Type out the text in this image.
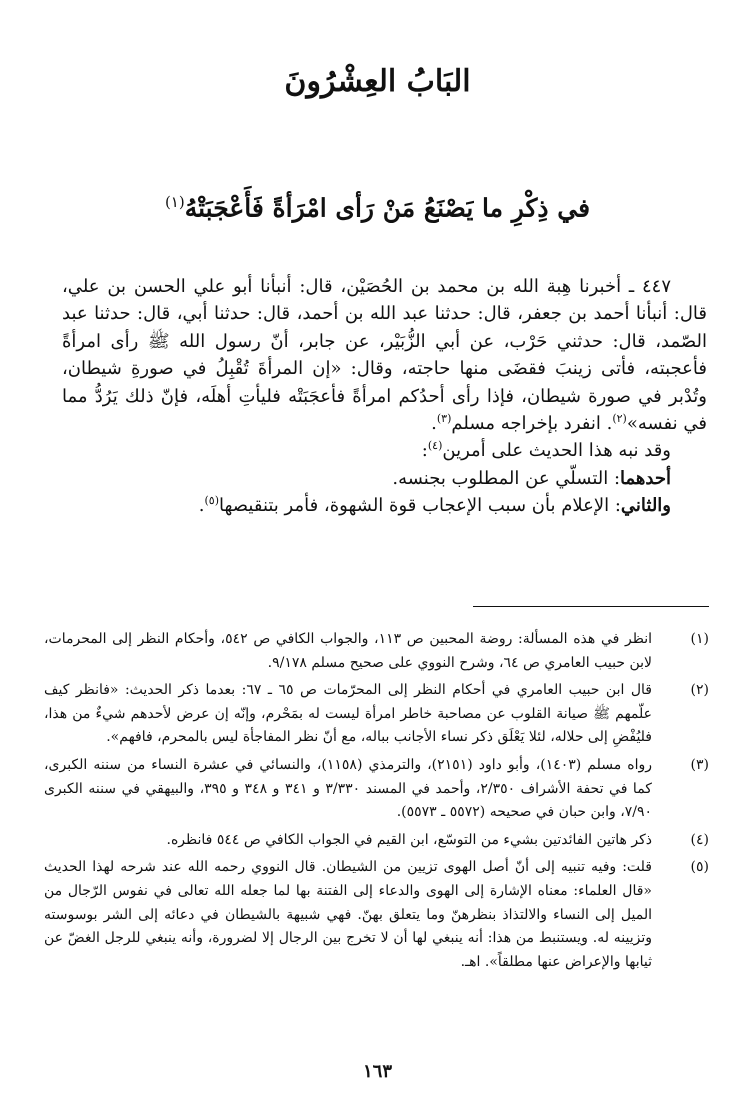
البَابُ العِشْرُونَ
في ذِكْرِ ما يَصْنَعُ مَنْ رَأى امْرَأةً فَأَعْجَبَتْهُ$^{(١)}$

٤٤٧ ـ أخبرنا هِبة الله بن محمد بن الحُصَيْن، قال: أنبأنا أبو علي الحسن بن علي، قال: أنبأنا أحمد بن جعفر، قال: حدثنا عبد الله بن أحمد، قال: حدثنا أبي، قال: حدثنا عبد الصّمد، قال: حدثني حَرْب، عن أبي الزُّبَيْر، عن جابر، أنّ رسول الله ﷺ رأى امرأةً فأعجبته، فأتى زينبَ فقضَى منها حاجته، وقال: «إن المرأةَ تُقْبِلُ في صورةِ شيطان، وتُدْبر في صورة شيطان، فإذا رأى أحدُكم امرأةً فأعجَبَتْه فليأتِ أهلَه، فإنّ ذلك يَرُدُّ مما في نفسه»$^{(٢)}$. انفرد بإخراجه مسلم$^{(٣)}$.

وقد نبه هذا الحديث على أمرين$^{(٤)}$:

أحدهما: التسلّي عن المطلوب بجنسه.

والثاني: الإعلام بأن سبب الإعجاب قوة الشهوة، فأمر بتنقيصها$^{(٥)}$.

(١)
انظر في هذه المسألة: روضة المحبين ص ١١٣، والجواب الكافي ص ٥٤٢، وأحكام النظر إلى المحرمات، لابن حبيب العامري ص ٦٤، وشرح النووي على صحيح مسلم ٩/١٧٨.
(٢)
قال ابن حبيب العامري في أحكام النظر إلى المحرّمات ص ٦٥ ـ ٦٧: بعدما ذكر الحديث: «فانظر كيف علّمهم ﷺ صيانة القلوب عن مصاحبة خاطر امرأة ليست له بمَحْرم، وإنّه إن عرض لأحدهم شيءٌ من هذا، فليُفْضِ إلى حلاله، لئلا يَعْلَق ذكر نساء الأجانب بباله، مع أنّ نظر المفاجأة ليس بالمحرم، فافهم».
(٣)
رواه مسلم (١٤٠٣)، وأبو داود (٢١٥١)، والترمذي (١١٥٨)، والنسائي في عشرة النساء من سننه الكبرى، كما في تحفة الأشراف ٢/٣٥٠، وأحمد في المسند ٣/٣٣٠ و ٣٤١ و ٣٤٨ و ٣٩٥، والبيهقي في سننه الكبرى ٧/٩٠، وابن حبان في صحيحه (٥٥٧٢ ـ ٥٥٧٣).
(٤)
ذكر هاتين الفائدتين بشيء من التوسّع، ابن القيم في الجواب الكافي ص ٥٤٤ فانظره.
(٥)
قلت: وفيه تنبيه إلى أنّ أصل الهوى تزيين من الشيطان. قال النووي رحمه الله عند شرحه لهذا الحديث «قال العلماء: معناه الإشارة إلى الهوى والدعاء إلى الفتنة بها لما جعله الله تعالى في نفوس الرّجال من الميل إلى النساء والالتذاذ بنظرهنّ وما يتعلق بهنّ. فهي شبيهة بالشيطان في دعائه إلى الشر بوسوسته وتزيينه له. ويستنبط من هذا: أنه ينبغي لها أن لا تخرج بين الرجال إلا لضرورة، وأنه ينبغي للرجل الغضّ عن ثيابها والإعراض عنها مطلقاً». اهـ.
١٦٣
